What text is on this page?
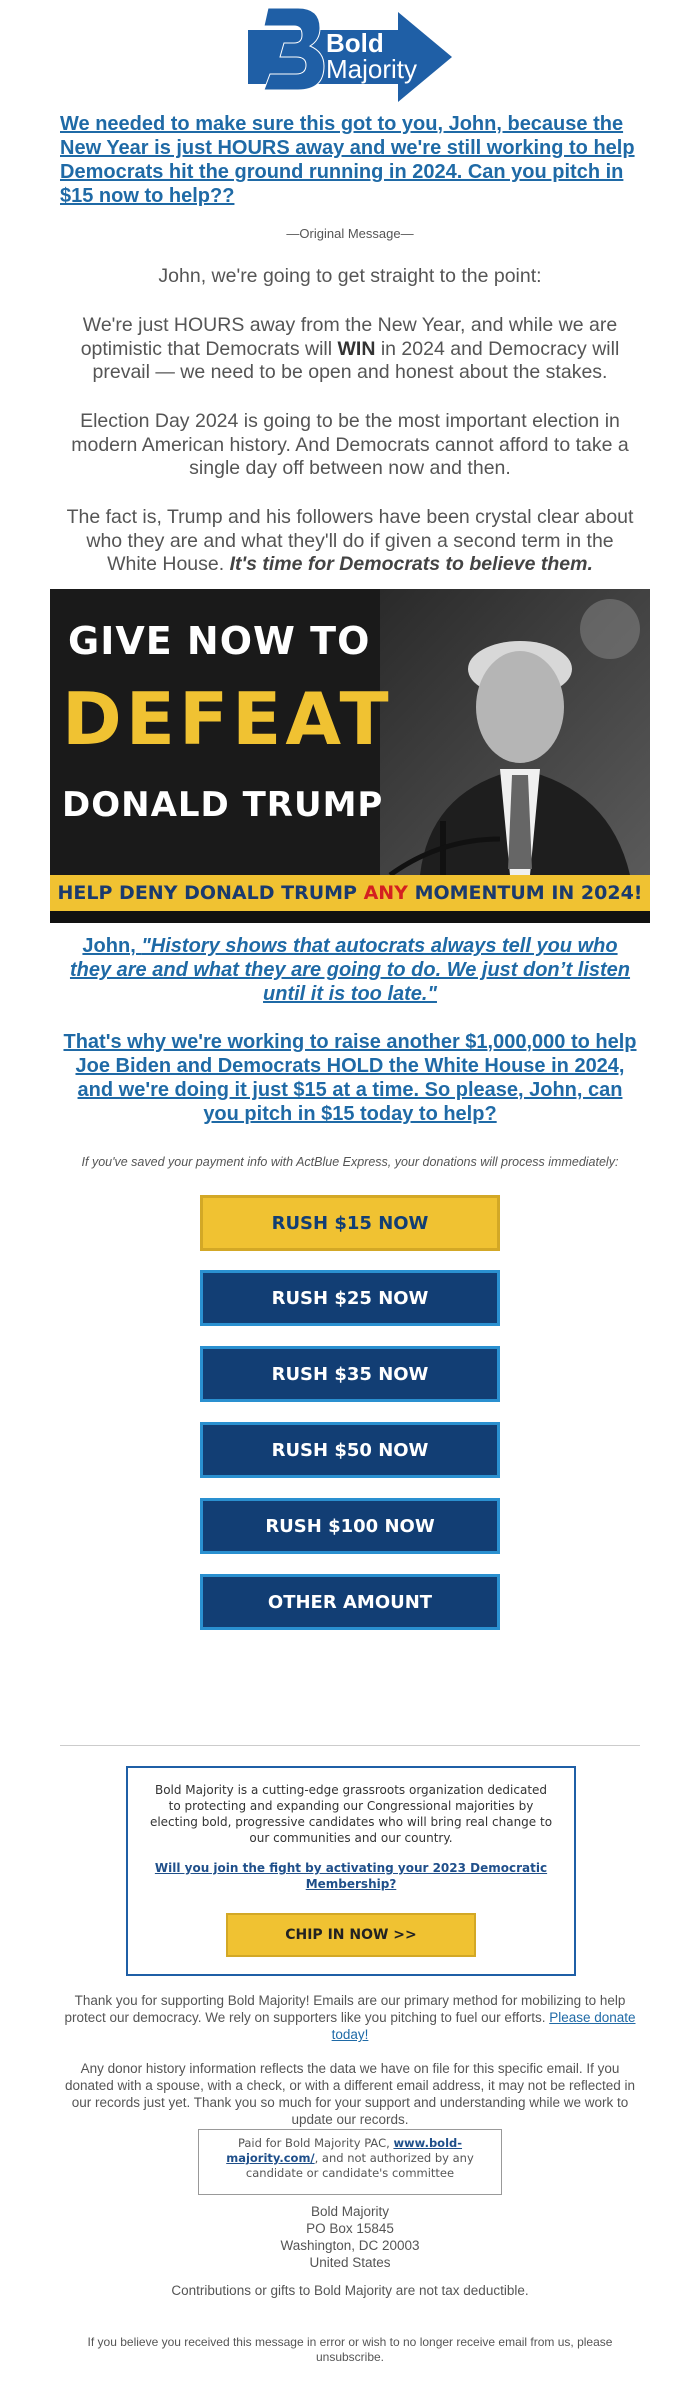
Bold
Majority
We needed to make sure this got to you, John, because the New Year is just HOURS away and we're still working to help Democrats hit the ground running in 2024. Can you pitch in $15 now to help??
—Original Message—
John, we're going to get straight to the point:
We're just HOURS away from the New Year, and while we are optimistic that Democrats will WIN in 2024 and Democracy will prevail — we need to be open and honest about the stakes.
Election Day 2024 is going to be the most important election in modern American history. And Democrats cannot afford to take a single day off between now and then.
The fact is, Trump and his followers have been crystal clear about who they are and what they'll do if given a second term in the White House. It's time for Democrats to believe them.
GIVE NOW TO
DEFEAT
DONALD TRUMP
HELP DENY DONALD TRUMP ANY MOMENTUM IN 2024!
John, "History shows that autocrats always tell you who they are and what they are going to do. We just don’t listen until it is too late."
That's why we're working to raise another $1,000,000 to help Joe Biden and Democrats HOLD the White House in 2024, and we're doing it just $15 at a time. So please, John, can you pitch in $15 today to help?
If you've saved your payment info with ActBlue Express, your donations will process immediately:
RUSH $15 NOW
RUSH $25 NOW
RUSH $35 NOW
RUSH $50 NOW
RUSH $100 NOW
OTHER AMOUNT
Bold Majority is a cutting-edge grassroots organization dedicated to protecting and expanding our Congressional majorities by electing bold, progressive candidates who will bring real change to our communities and our country.
Will you join the fight by activating your 2023 Democratic Membership?
CHIP IN NOW >>
Thank you for supporting Bold Majority! Emails are our primary method for mobilizing to help protect our democracy. We rely on supporters like you pitching to fuel our efforts. Please donate today!
Any donor history information reflects the data we have on file for this specific email. If you donated with a spouse, with a check, or with a different email address, it may not be reflected in our records just yet. Thank you so much for your support and understanding while we work to update our records.
Paid for Bold Majority PAC, www.bold-majority.com/, and not authorized by any candidate or candidate's committee
Bold Majority
PO Box 15845
Washington, DC 20003
United States
Contributions or gifts to Bold Majority are not tax deductible.
If you believe you received this message in error or wish to no longer receive email from us, please unsubscribe.
